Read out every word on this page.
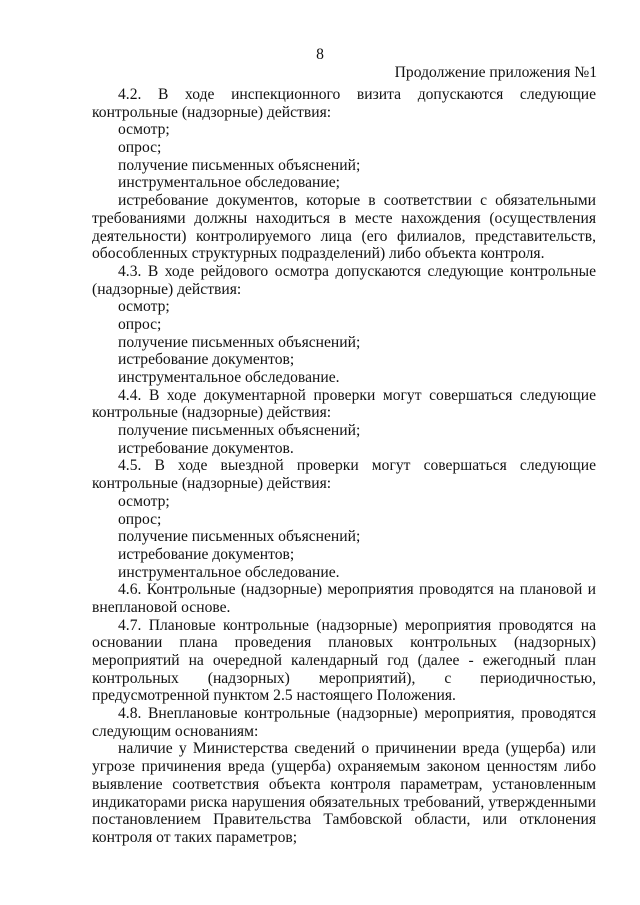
8
Продолжение приложения №1
4.2. В ходе инспекционного визита допускаются следующие
контрольные (надзорные) действия:
осмотр;
опрос;
получение письменных объяснений;
инструментальное обследование;
истребование документов, которые в соответствии с обязательными
требованиями должны находиться в месте нахождения (осуществления
деятельности) контролируемого лица (его филиалов, представительств,
обособленных структурных подразделений) либо объекта контроля.
4.3. В ходе рейдового осмотра допускаются следующие контрольные
(надзорные) действия:
осмотр;
опрос;
получение письменных объяснений;
истребование документов;
инструментальное обследование.
4.4. В ходе документарной проверки могут совершаться следующие
контрольные (надзорные) действия:
получение письменных объяснений;
истребование документов.
4.5. В ходе выездной проверки могут совершаться следующие
контрольные (надзорные) действия:
осмотр;
опрос;
получение письменных объяснений;
истребование документов;
инструментальное обследование.
4.6. Контрольные (надзорные) мероприятия проводятся на плановой и
внеплановой основе.
4.7. Плановые контрольные (надзорные) мероприятия проводятся на
основании плана проведения плановых контрольных (надзорных)
мероприятий на очередной календарный год (далее - ежегодный план
контрольных (надзорных) мероприятий), с периодичностью,
предусмотренной пунктом 2.5 настоящего Положения.
4.8. Внеплановые контрольные (надзорные) мероприятия, проводятся
следующим основаниям:
наличие у Министерства сведений о причинении вреда (ущерба) или
угрозе причинения вреда (ущерба) охраняемым законом ценностям либо
выявление соответствия объекта контроля параметрам, установленным
индикаторами риска нарушения обязательных требований, утвержденными
постановлением Правительства Тамбовской области, или отклонения
контроля от таких параметров;
